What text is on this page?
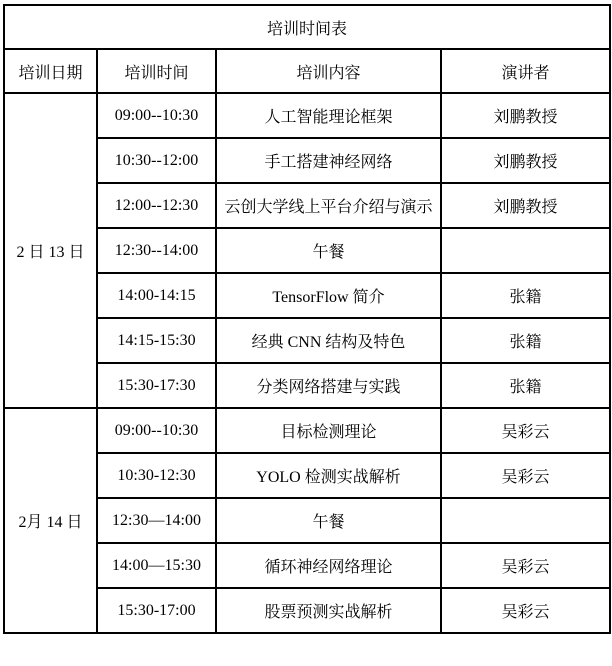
培训时间表			
培训日期	培训时间	培训内容	演讲者
2 日 13 日	09:00--10:30	人工智能理论框架	刘鹏教授
	10:30--12:00	手工搭建神经网络	刘鹏教授
	12:00--12:30	云创大学线上平台介绍与演示	刘鹏教授
	12:30--14:00	午餐	
	14:00-14:15	TensorFlow 简介	张籍
	14:15-15:30	经典 CNN 结构及特色	张籍
	15:30-17:30	分类网络搭建与实践	张籍
2月 14 日	09:00--10:30	目标检测理论	吴彩云
	10:30-12:30	YOLO 检测实战解析	吴彩云
	12:30—14:00	午餐	
	14:00—15:30	循环神经网络理论	吴彩云
	15:30-17:00	股票预测实战解析	吴彩云
